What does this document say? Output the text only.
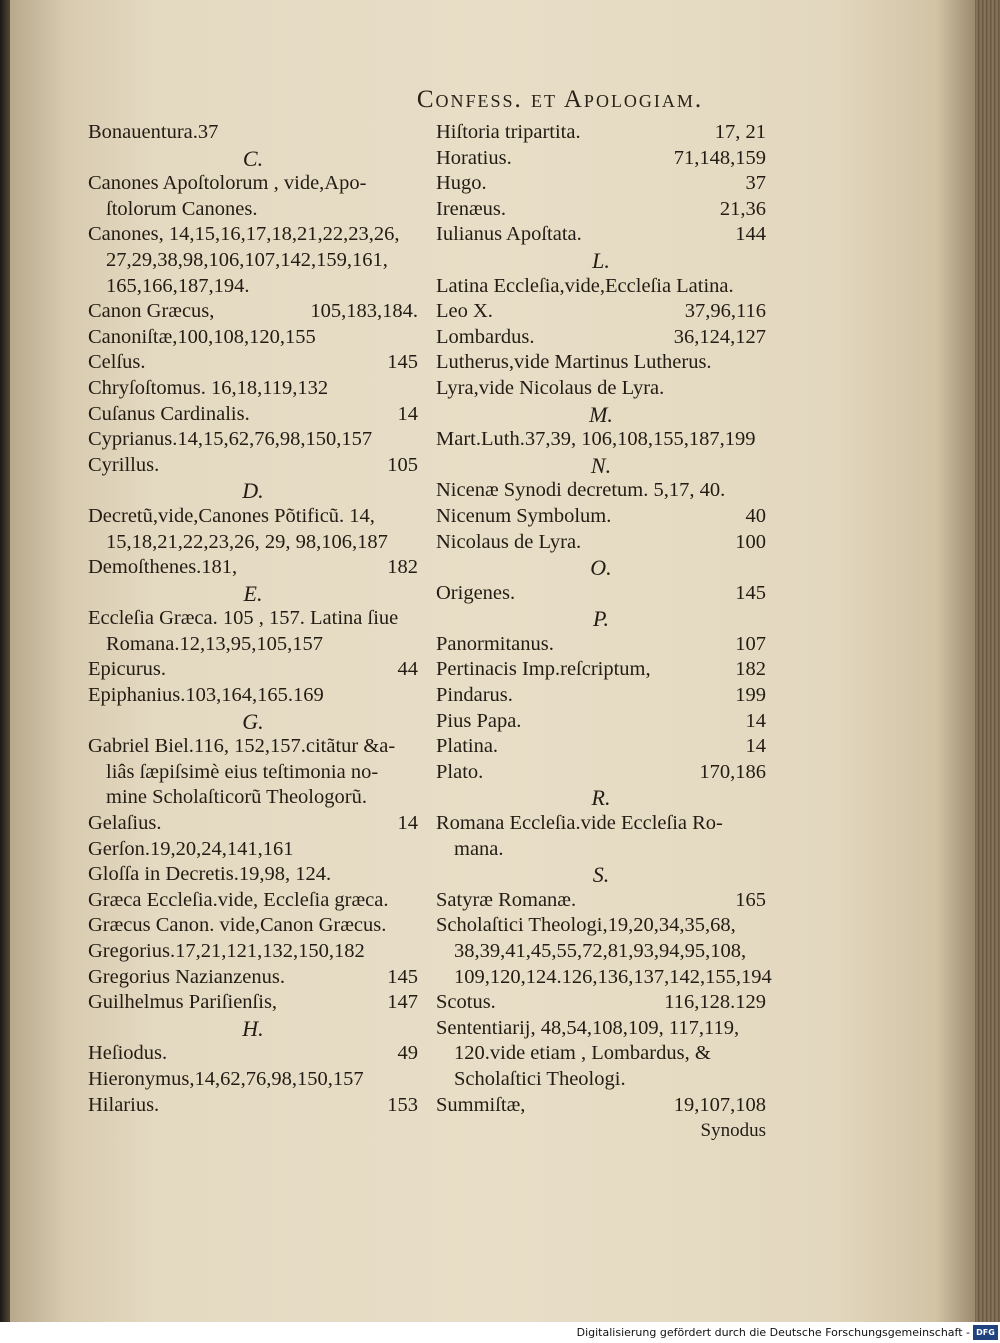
Confess. et Apologiam.
Bonauentura.37
C.
Canones Apoſtolorum , vide,Apo-
ſtolorum Canones.
Canones, 14,15,16,17,18,21,22,23,26,
27,29,38,98,106,107,142,159,161,
165,166,187,194.
Canon Græcus,	105,183,184.
Canoniſtæ,100,108,120,155
Celſus.	145
Chryſoſtomus. 16,18,119,132
Cuſanus Cardinalis.	14
Cyprianus.14,15,62,76,98,150,157
Cyrillus.	105
D.
Decretũ,vide,Canones Põtificũ. 14,
15,18,21,22,23,26, 29, 98,106,187
Demoſthenes.181,	182
E.
Eccleſia Græca. 105 , 157. Latina ſiue
Romana.12,13,95,105,157
Epicurus.	44
Epiphanius.103,164,165.169
G.
Gabriel Biel.116, 152,157.citãtur &a-
liâs ſæpiſsimè eius teſtimonia no-
mine Scholaſticorũ Theologorũ.
Gelaſius.	14
Gerſon.19,20,24,141,161
Gloſſa in Decretis.19,98, 124.
Græca Eccleſia.vide, Eccleſia græca.
Græcus Canon. vide,Canon Græcus.
Gregorius.17,21,121,132,150,182
Gregorius Nazianzenus.	145
Guilhelmus Pariſienſis,	147
H.
Heſiodus.	49
Hieronymus,14,62,76,98,150,157
Hilarius.	153
Hiſtoria tripartita.	17, 21
Horatius.	71,148,159
Hugo.	37
Irenæus.	21,36
Iulianus Apoſtata.	144
L.
Latina Eccleſia,vide,Eccleſia Latina.
Leo X.	37,96,116
Lombardus.	36,124,127
Lutherus,vide Martinus Lutherus.
Lyra,vide Nicolaus de Lyra.
M.
Mart.Luth.37,39, 106,108,155,187,199
N.
Nicenæ Synodi decretum. 5,17, 40.
Nicenum Symbolum.	40
Nicolaus de Lyra.	100
O.
Origenes.	145
P.
Panormitanus.	107
Pertinacis Imp.reſcriptum,	182
Pindarus.	199
Pius Papa.	14
Platina.	14
Plato.	170,186
R.
Romana Eccleſia.vide Eccleſia Ro-
mana.
S.
Satyræ Romanæ.	165
Scholaſtici Theologi,19,20,34,35,68,
38,39,41,45,55,72,81,93,94,95,108,
109,120,124.126,136,137,142,155,194
Scotus.	116,128.129
Sententiarij, 48,54,108,109, 117,119,
120.vide etiam , Lombardus, &
Scholaſtici Theologi.
Summiſtæ,	19,107,108
Synodus
Digitalisierung gefördert durch die Deutsche Forschungsgemeinschaft - DFG
